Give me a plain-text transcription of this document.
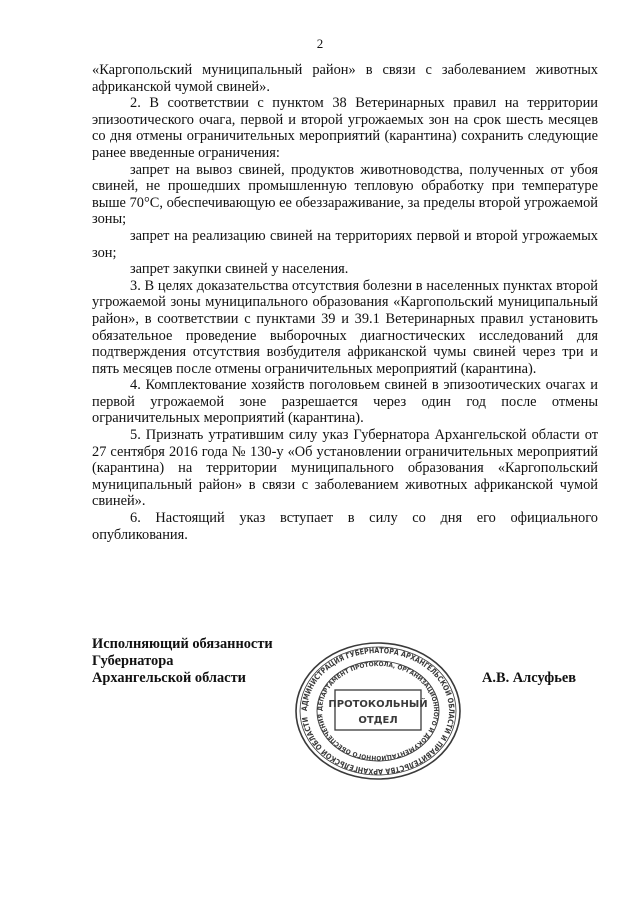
2

«Каргопольский муниципальный район» в связи с заболеванием животных африканской чумой свиней».

2. В соответствии с пунктом 38 Ветеринарных правил на территории эпизоотического очага, первой и второй угрожаемых зон на срок шесть месяцев со дня отмены ограничительных мероприятий (карантина) сохранить следующие ранее введенные ограничения:

запрет на вывоз свиней, продуктов животноводства, полученных от убоя свиней, не прошедших промышленную тепловую обработку при температуре выше 70°C, обеспечивающую ее обеззараживание, за пределы второй угрожаемой зоны;

запрет на реализацию свиней на территориях первой и второй угрожаемых зон;

запрет закупки свиней у населения.

3. В целях доказательства отсутствия болезни в населенных пунктах второй угрожаемой зоны муниципального образования «Каргопольский муниципальный район», в соответствии с пунктами 39 и 39.1 Ветеринарных правил установить обязательное проведение выборочных диагностических исследований для подтверждения отсутствия возбудителя африканской чумы свиней через три и пять месяцев после отмены ограничительных мероприятий (карантина).

4. Комплектование хозяйств поголовьем свиней в эпизоотических очагах и первой угрожаемой зоне разрешается через один год после отмены ограничительных мероприятий (карантина).

5. Признать утратившим силу указ Губернатора Архангельской области от 27 сентября 2016 года № 130-у «Об установлении ограничительных мероприятий (карантина) на территории муниципального образования «Каргопольский муниципальный район» в связи с заболеванием животных африканской чумой свиней».

6. Настоящий указ вступает в силу со дня его официального опубликования.

Исполняющий обязанности
Губернатора
Архангельской области	А.В. Алсуфьев
АДМИНИСТРАЦИЯ ГУБЕРНАТОРА АРХАНГЕЛЬСКОЙ ОБЛАСТИ И ПРАВИТЕЛЬСТВА АРХАНГЕЛЬСКОЙ ОБЛАСТИ
ДЕПАРТАМЕНТ ПРОТОКОЛА, ОРГАНИЗАЦИОННОГО И ДОКУМЕНТАЦИОННОГО ОБЕСПЕЧЕНИЯ
ПРОТОКОЛЬНЫЙ
ОТДЕЛ
